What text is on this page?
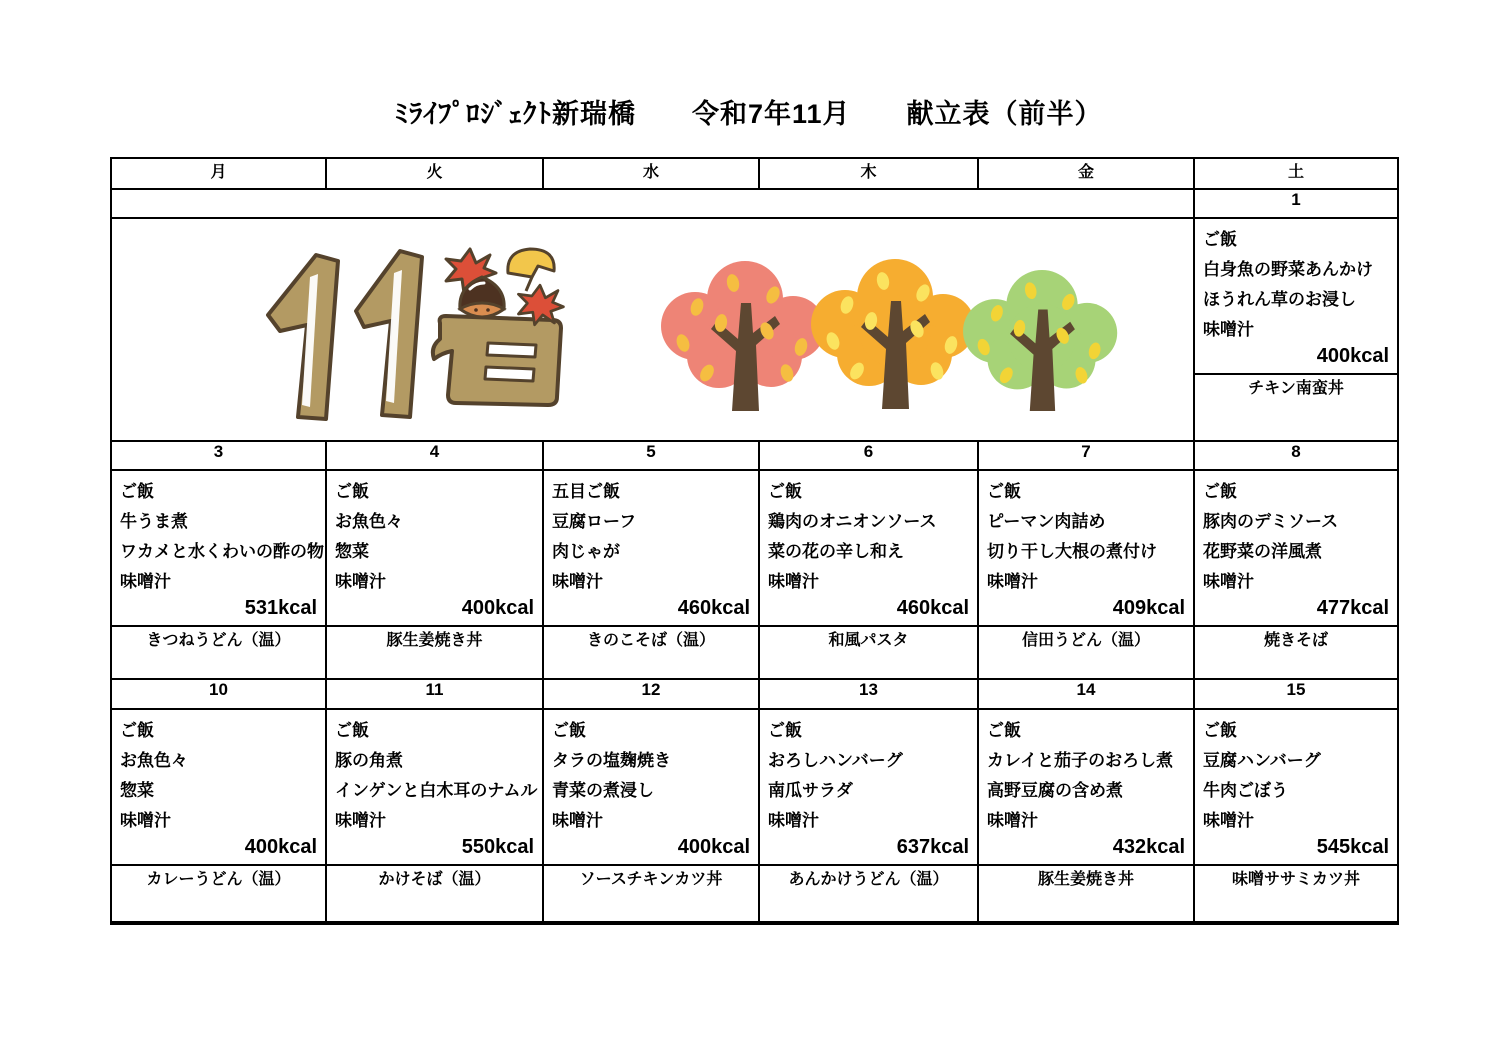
ﾐﾗｲﾌﾟﾛｼﾞｪｸﾄ新瑞橋　　令和7年11月　　献立表（前半）
月	火	水	木	金	土
					1

ご飯
白身魚の野菜あんかけ
ほうれん草のお浸し
味噌汁
400kcal

					チキン南蛮丼
3	4	5	6	7	8

ご飯
牛うま煮
ワカメと水くわいの酢の物
味噌汁
531kcal

ご飯
お魚色々
惣菜
味噌汁
400kcal

五目ご飯
豆腐ローフ
肉じゃが
味噌汁
460kcal

ご飯
鶏肉のオニオンソース
菜の花の辛し和え
味噌汁
460kcal

ご飯
ピーマン肉詰め
切り干し大根の煮付け
味噌汁
409kcal

ご飯
豚肉のデミソース
花野菜の洋風煮
味噌汁
477kcal

きつねうどん（温）	豚生姜焼き丼	きのこそば（温）	和風パスタ	信田うどん（温）	焼きそば
10	11	12	13	14	15

ご飯
お魚色々
惣菜
味噌汁
400kcal

ご飯
豚の角煮
インゲンと白木耳のナムル
味噌汁
550kcal

ご飯
タラの塩麹焼き
青菜の煮浸し
味噌汁
400kcal

ご飯
おろしハンバーグ
南瓜サラダ
味噌汁
637kcal

ご飯
カレイと茄子のおろし煮
高野豆腐の含め煮
味噌汁
432kcal

ご飯
豆腐ハンバーグ
牛肉ごぼう
味噌汁
545kcal

カレーうどん（温）	かけそば（温）	ソースチキンカツ丼	あんかけうどん（温）	豚生姜焼き丼	味噌ササミカツ丼
